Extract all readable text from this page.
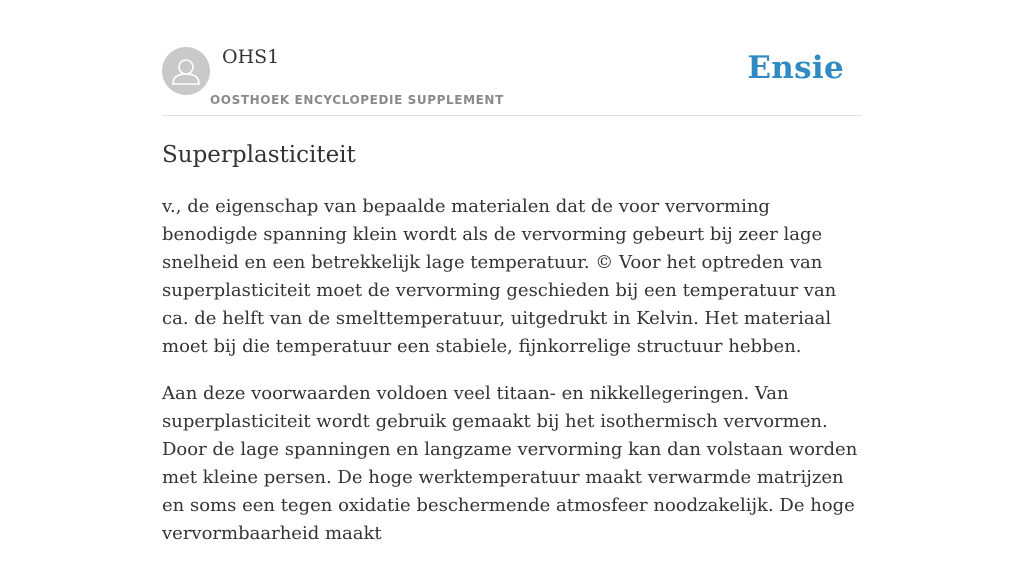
OHS1
OOSTHOEK ENCYCLOPEDIE SUPPLEMENT
Ensie
Superplasticiteit

v., de eigenschap van bepaalde materialen dat de voor vervorming benodigde spanning klein wordt als de vervorming gebeurt bij zeer lage snelheid en een betrekkelijk lage temperatuur. © Voor het optreden van superplasticiteit moet de vervorming geschieden bij een temperatuur van ca. de helft van de smelttemperatuur, uitgedrukt in Kelvin. Het materiaal moet bij die temperatuur een stabiele, fijnkorrelige structuur hebben.

Aan deze voorwaarden voldoen veel titaan- en nikkellegeringen. Van superplasticiteit wordt gebruik gemaakt bij het isothermisch vervormen. Door de lage spanningen en langzame vervorming kan dan volstaan worden met kleine persen. De hoge werktemperatuur maakt verwarmde matrijzen en soms een tegen oxidatie beschermende atmosfeer noodzakelijk. De hoge vervormbaarheid maakt
